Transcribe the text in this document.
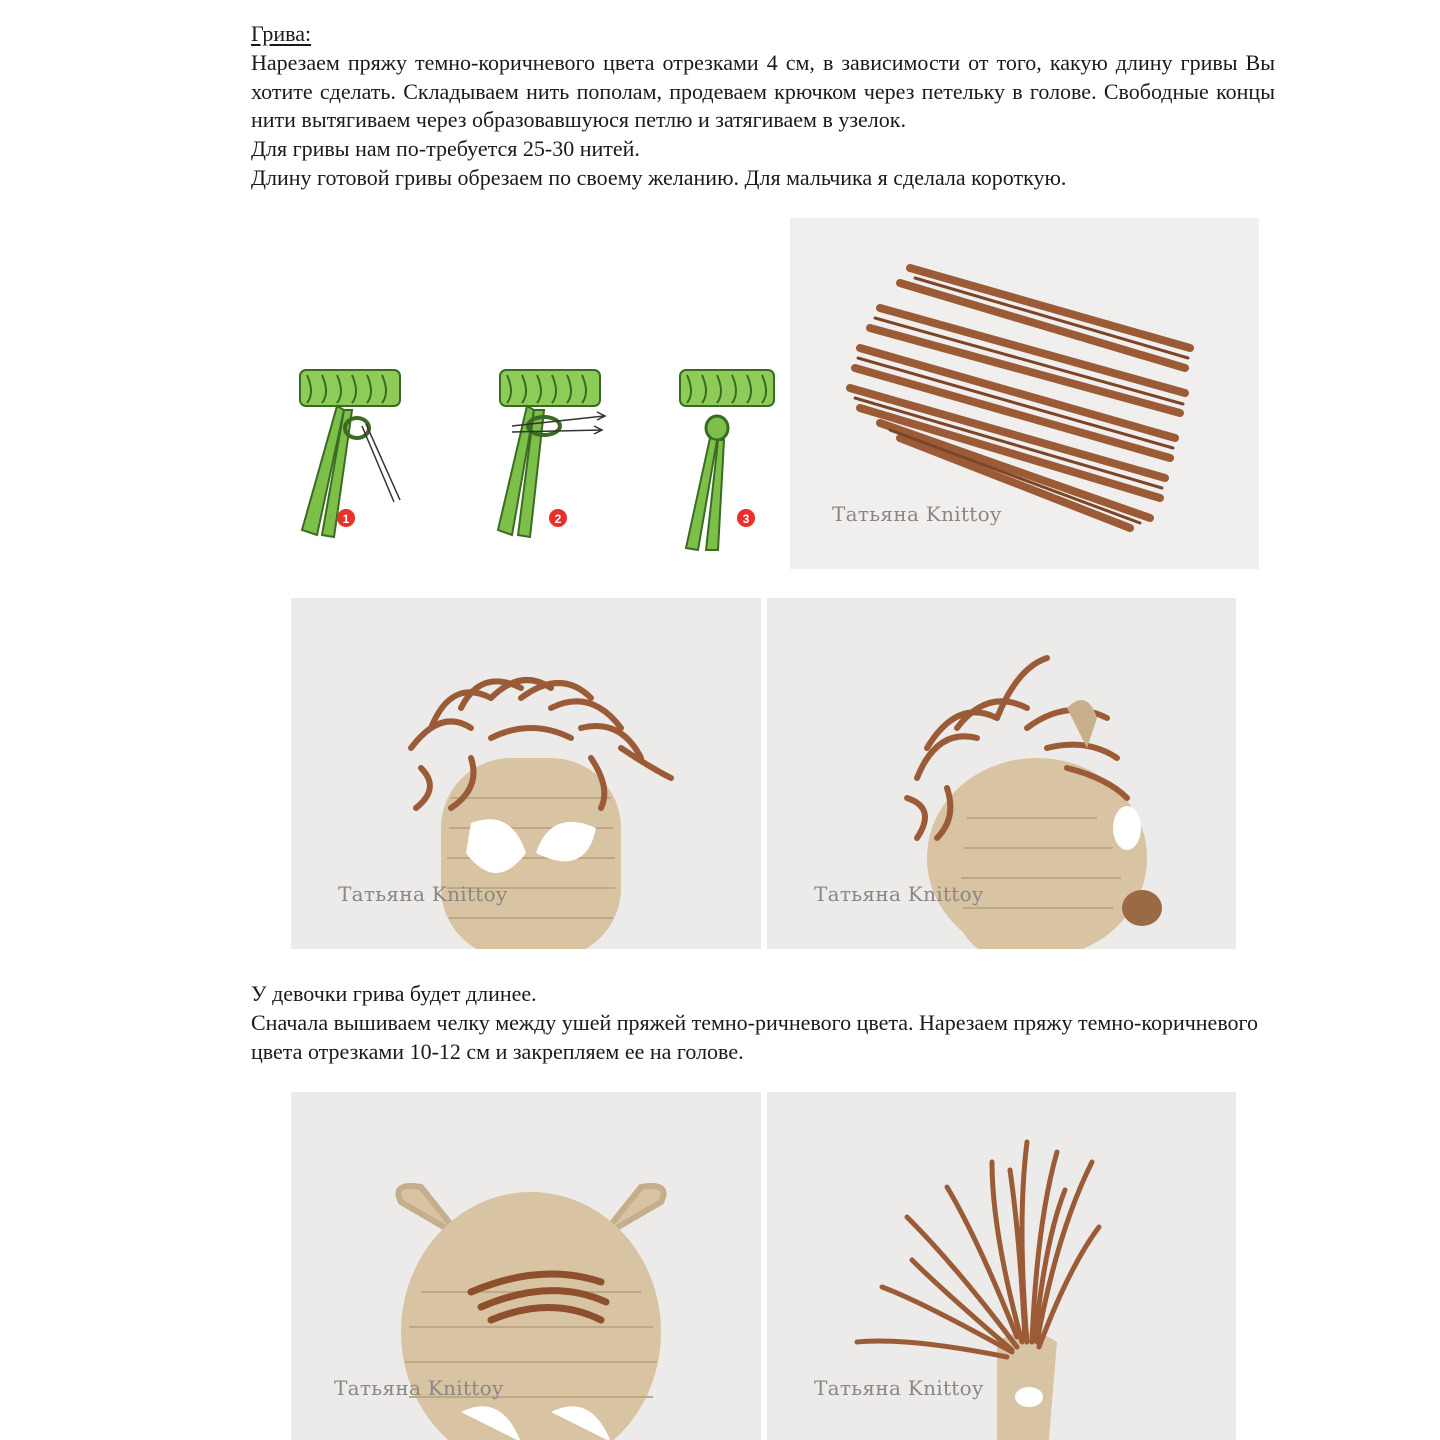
Грива:

Нарезаем пряжу темно-коричневого цвета отрезками 4 см, в зависимости от того, какую длину гривы Вы хотите сделать. Складываем нить пополам, продеваем крючком через петельку в голове. Свободные концы нити вытягиваем через образовавшуюся петлю и затягиваем в узелок.

Для гривы нам по-требуется 25-30 нитей.

Длину готовой гривы обрезаем по своему желанию. Для мальчика я сделала короткую.

1	2	3	Татьяна Knittoy
Татьяна Knittoy	Татьяна Knittoy

У девочки грива будет длинее.

Сначала вышиваем челку между ушей пряжей темно-ричневого цвета. Нарезаем пряжу темно-коричневого цвета отрезками 10-12 см и закрепляем ее на голове.

Татьяна Knittoy	Татьяна Knittoy
